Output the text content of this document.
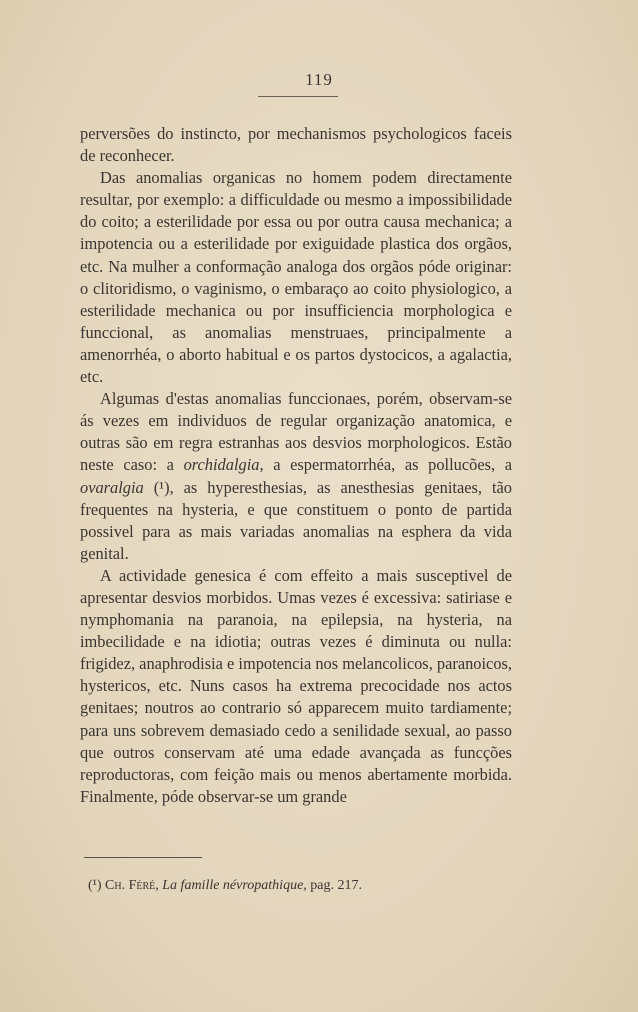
119

perversões do instincto, por mechanismos psychologicos faceis de reconhecer.

Das anomalias organicas no homem podem directamente resultar, por exemplo: a difficuldade ou mesmo a impossibilidade do coito; a esterilidade por essa ou por outra causa mechanica; a impotencia ou a esterilidade por exiguidade plastica dos orgãos, etc. Na mulher a conformação analoga dos orgãos póde originar: o clitoridismo, o vaginismo, o embaraço ao coito physiologico, a esterilidade mechanica ou por insufficiencia morphologica e funccional, as anomalias menstruaes, principalmente a amenorrhéa, o aborto habitual e os partos dystocicos, a agalactia, etc.

Algumas d'estas anomalias funccionaes, porém, observam-se ás vezes em individuos de regular organização anatomica, e outras são em regra estranhas aos desvios morphologicos. Estão neste caso: a orchidalgia, a espermatorrhéa, as pollucões, a ovaralgia (¹), as hyperesthesias, as anesthesias genitaes, tão frequentes na hysteria, e que constituem o ponto de partida possivel para as mais variadas anomalias na esphera da vida genital.

A actividade genesica é com effeito a mais susceptivel de apresentar desvios morbidos. Umas vezes é excessiva: satiriase e nymphomania na paranoia, na epilepsia, na hysteria, na imbecilidade e na idiotia; outras vezes é diminuta ou nulla: frigidez, anaphrodisia e impotencia nos melancolicos, paranoicos, hystericos, etc. Nuns casos ha extrema precocidade nos actos genitaes; noutros ao contrario só apparecem muito tardiamente; para uns sobrevem demasiado cedo a senilidade sexual, ao passo que outros conservam até uma edade avançada as funcções reproductoras, com feição mais ou menos abertamente morbida. Finalmente, póde observar-se um grande

(¹) Ch. Féré, La famille névropathique, pag. 217.
